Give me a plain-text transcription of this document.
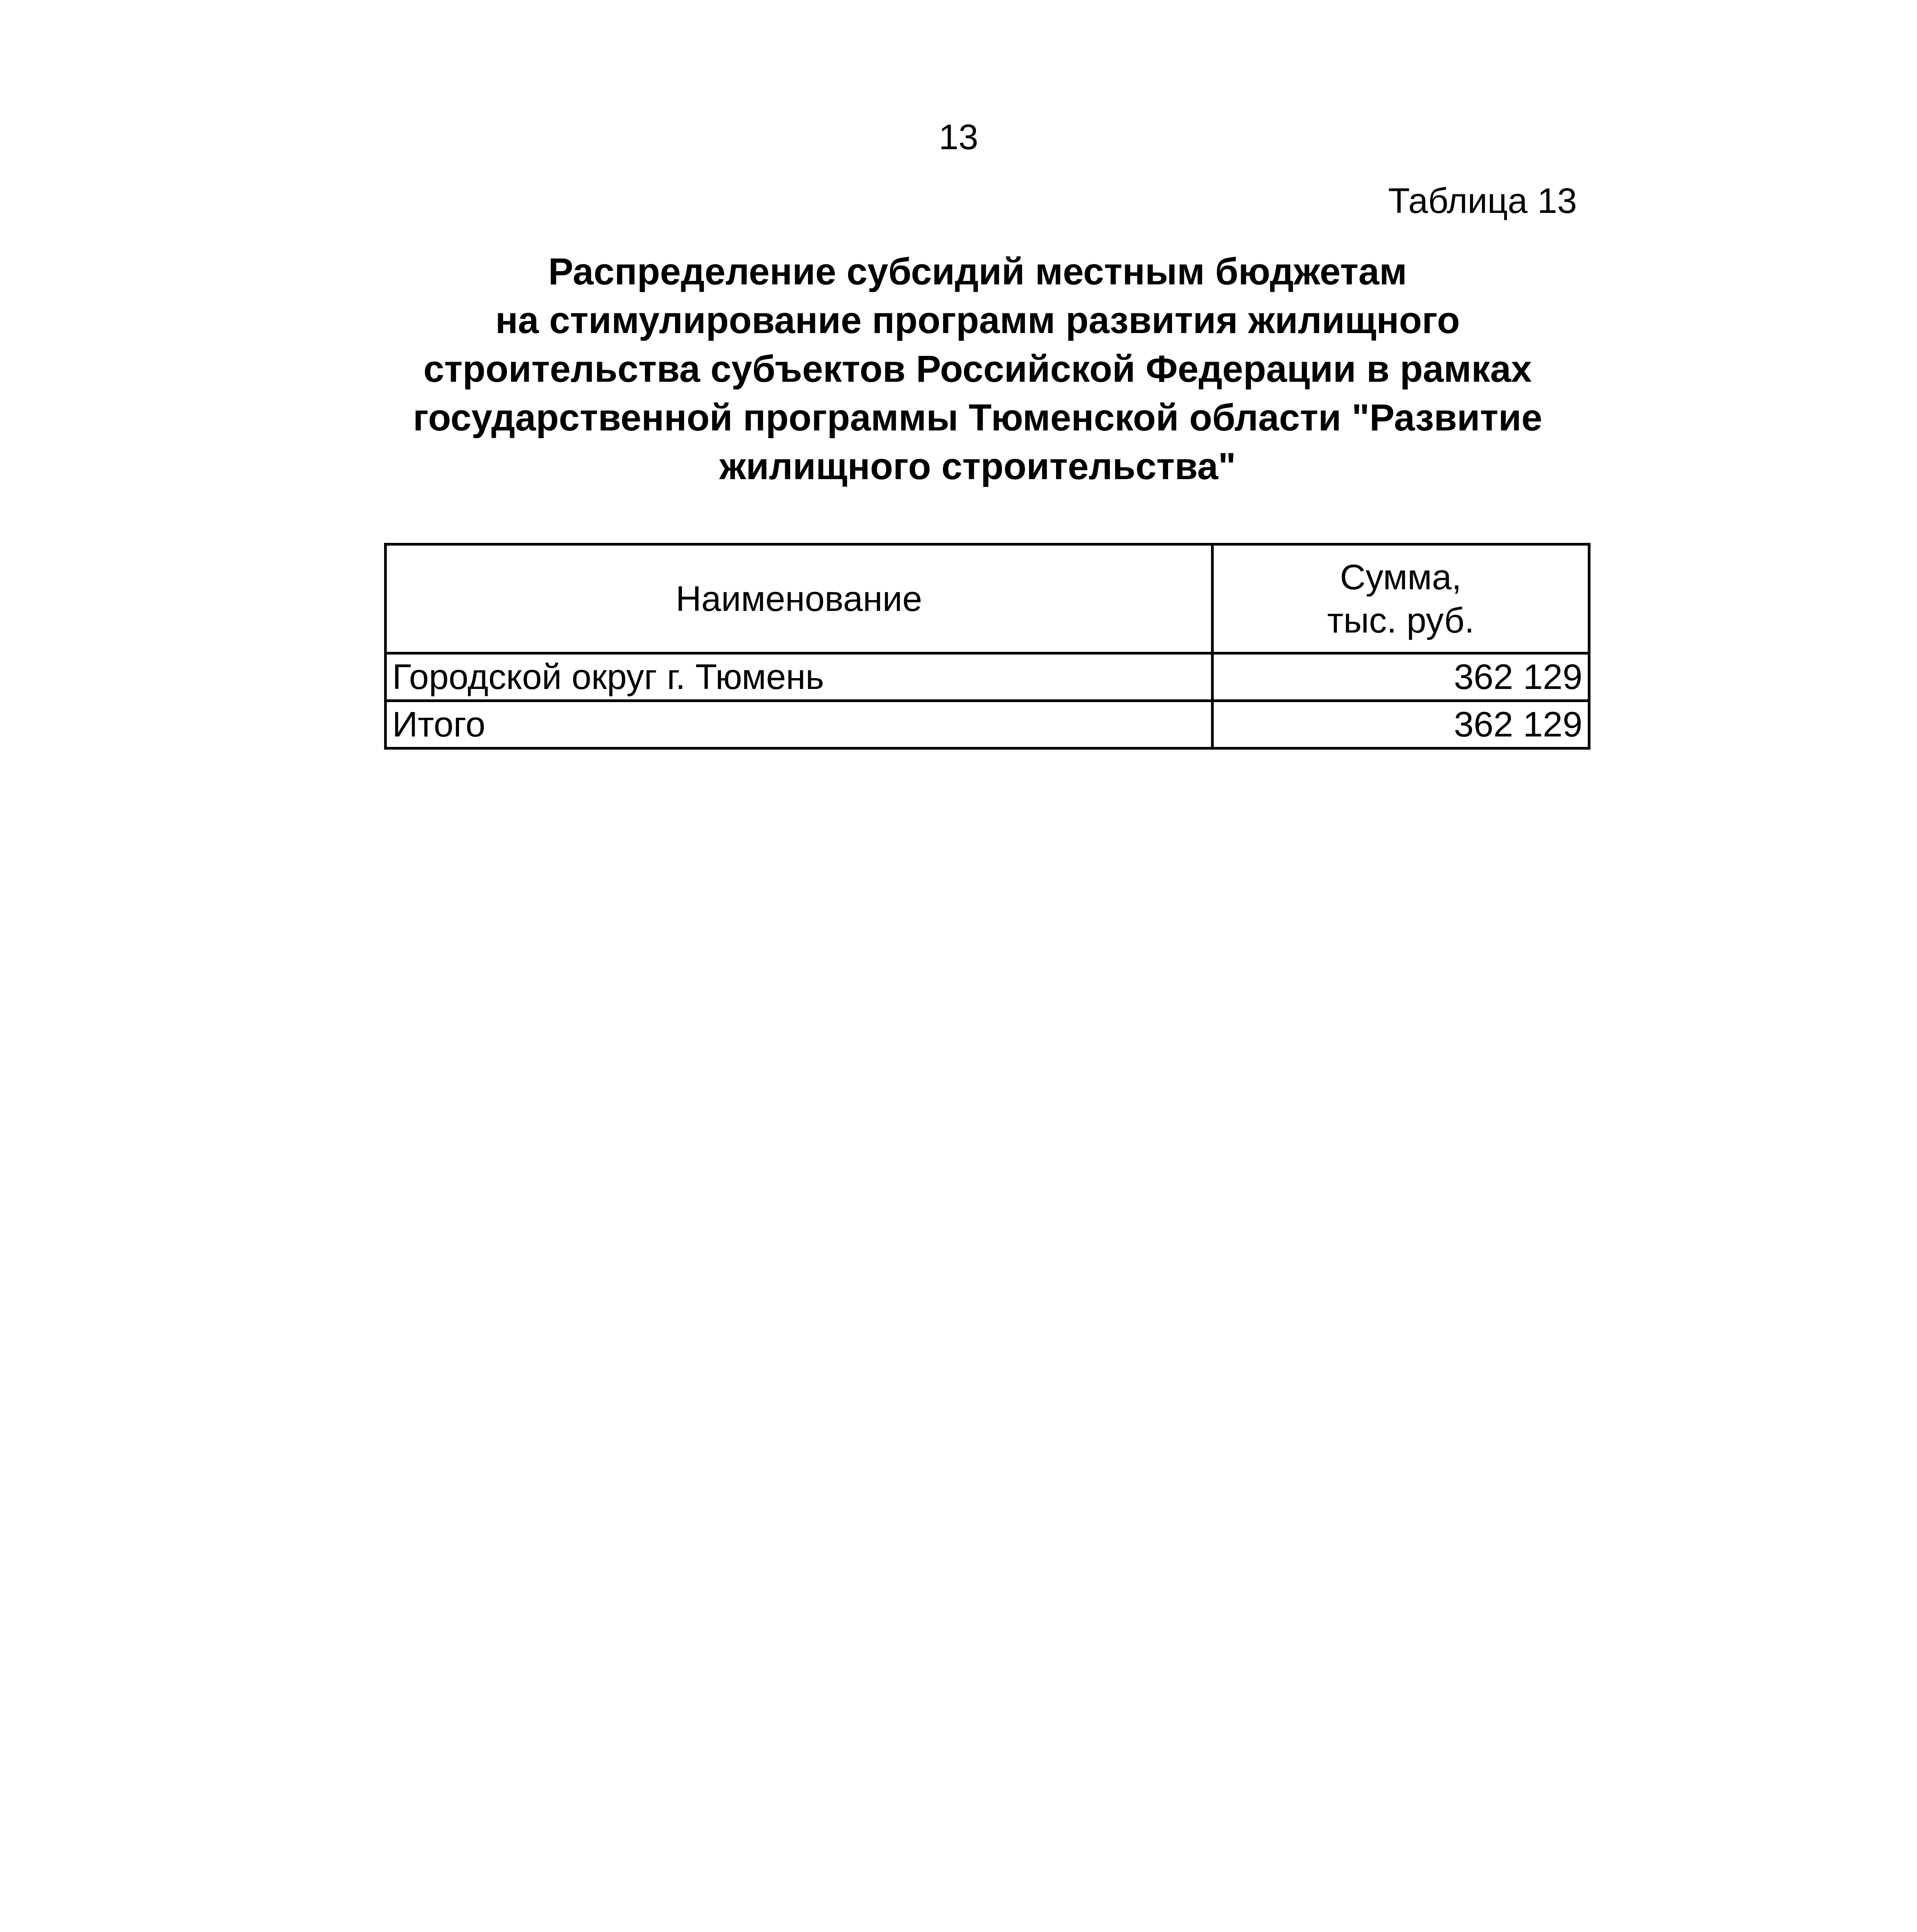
13
Таблица 13
Распределение субсидий местным бюджетам
на стимулирование программ развития жилищного
строительства субъектов Российской Федерации в рамках
государственной программы Тюменской области "Развитие
жилищного строительства"
Наименование	Сумма,
тыс. руб.

Городской округ г. Тюмень	362 129
Итого	362 129
